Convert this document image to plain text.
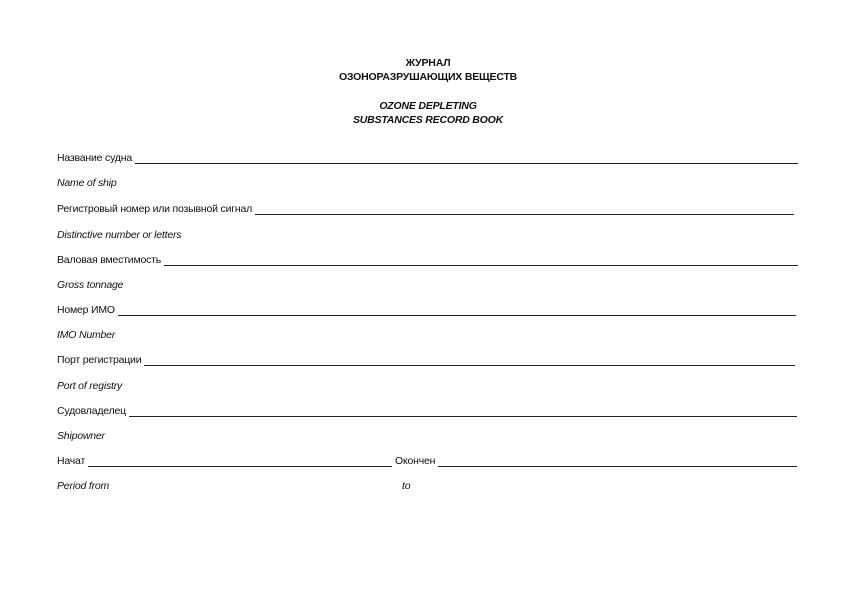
ЖУРНАЛ
ОЗОНОРАЗРУШАЮЩИХ ВЕЩЕСТВ
OZONE DEPLETING
SUBSTANCES RECORD BOOK
Название судна
Name of ship
Регистровый номер или позывной сигнал
Distinctive number or letters
Валовая вместимость
Gross tonnage
Номер ИМО
IMO Number
Порт регистрации
Port of registry
Судовладелец
Shipowner
Начат	Окончен
Period from	to
